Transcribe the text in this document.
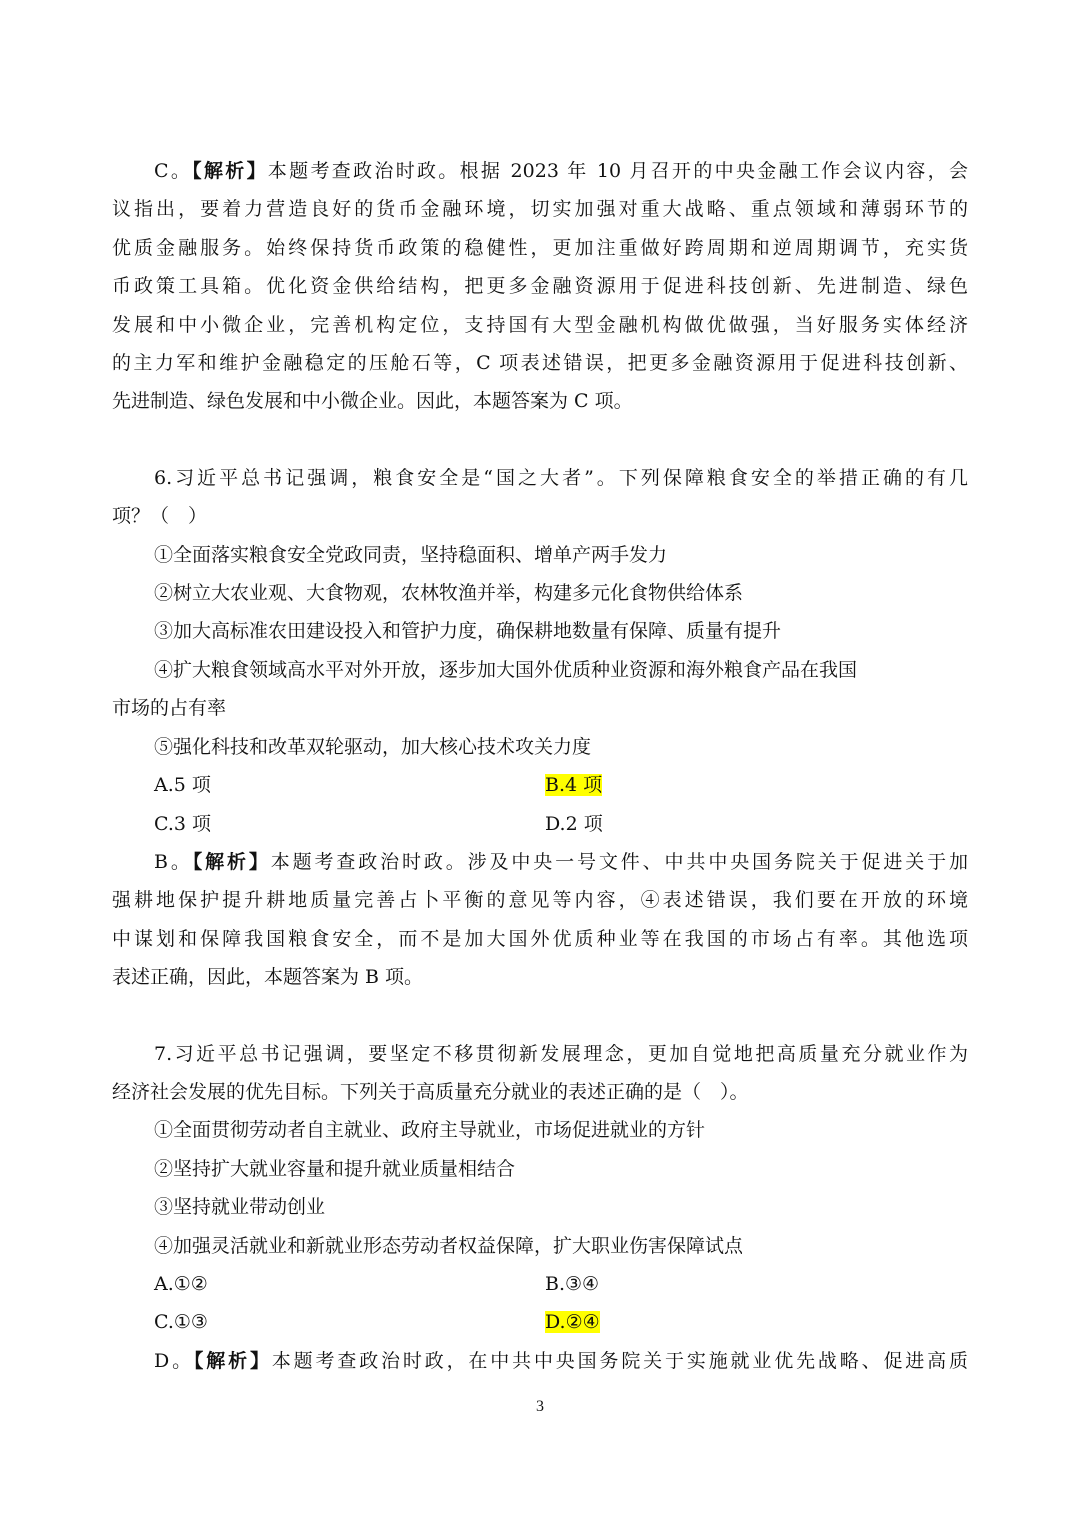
C。【解析】本题考查政治时政。根据 2023 年 10 月召开的中央金融工作会议内容，会

议指出，要着力营造良好的货币金融环境，切实加强对重大战略、重点领域和薄弱环节的

优质金融服务。始终保持货币政策的稳健性，更加注重做好跨周期和逆周期调节，充实货

币政策工具箱。优化资金供给结构，把更多金融资源用于促进科技创新、先进制造、绿色

发展和中小微企业，完善机构定位，支持国有大型金融机构做优做强，当好服务实体经济

的主力军和维护金融稳定的压舱石等，C 项表述错误，把更多金融资源用于促进科技创新、

先进制造、绿色发展和中小微企业。因此，本题答案为 C 项。

6.习近平总书记强调，粮食安全是“国之大者”。下列保障粮食安全的举措正确的有几

项？（　）

①全面落实粮食安全党政同责，坚持稳面积、增单产两手发力

②树立大农业观、大食物观，农林牧渔并举，构建多元化食物供给体系

③加大高标准农田建设投入和管护力度，确保耕地数量有保障、质量有提升

④扩大粮食领域高水平对外开放，逐步加大国外优质种业资源和海外粮食产品在我国

市场的占有率

⑤强化科技和改革双轮驱动，加大核心技术攻关力度

A.5 项	B.4 项
C.3 项	D.2 项

B。【解析】本题考查政治时政。涉及中央一号文件、中共中央国务院关于促进关于加

强耕地保护提升耕地质量完善占卜平衡的意见等内容，④表述错误，我们要在开放的环境

中谋划和保障我国粮食安全，而不是加大国外优质种业等在我国的市场占有率。其他选项

表述正确，因此，本题答案为 B 项。

7.习近平总书记强调，要坚定不移贯彻新发展理念，更加自觉地把高质量充分就业作为

经济社会发展的优先目标。下列关于高质量充分就业的表述正确的是（　）。

①全面贯彻劳动者自主就业、政府主导就业，市场促进就业的方针

②坚持扩大就业容量和提升就业质量相结合

③坚持就业带动创业

④加强灵活就业和新就业形态劳动者权益保障，扩大职业伤害保障试点

A.①②	B.③④
C.①③	D.②④

D。【解析】本题考查政治时政，在中共中央国务院关于实施就业优先战略、促进高质

3
